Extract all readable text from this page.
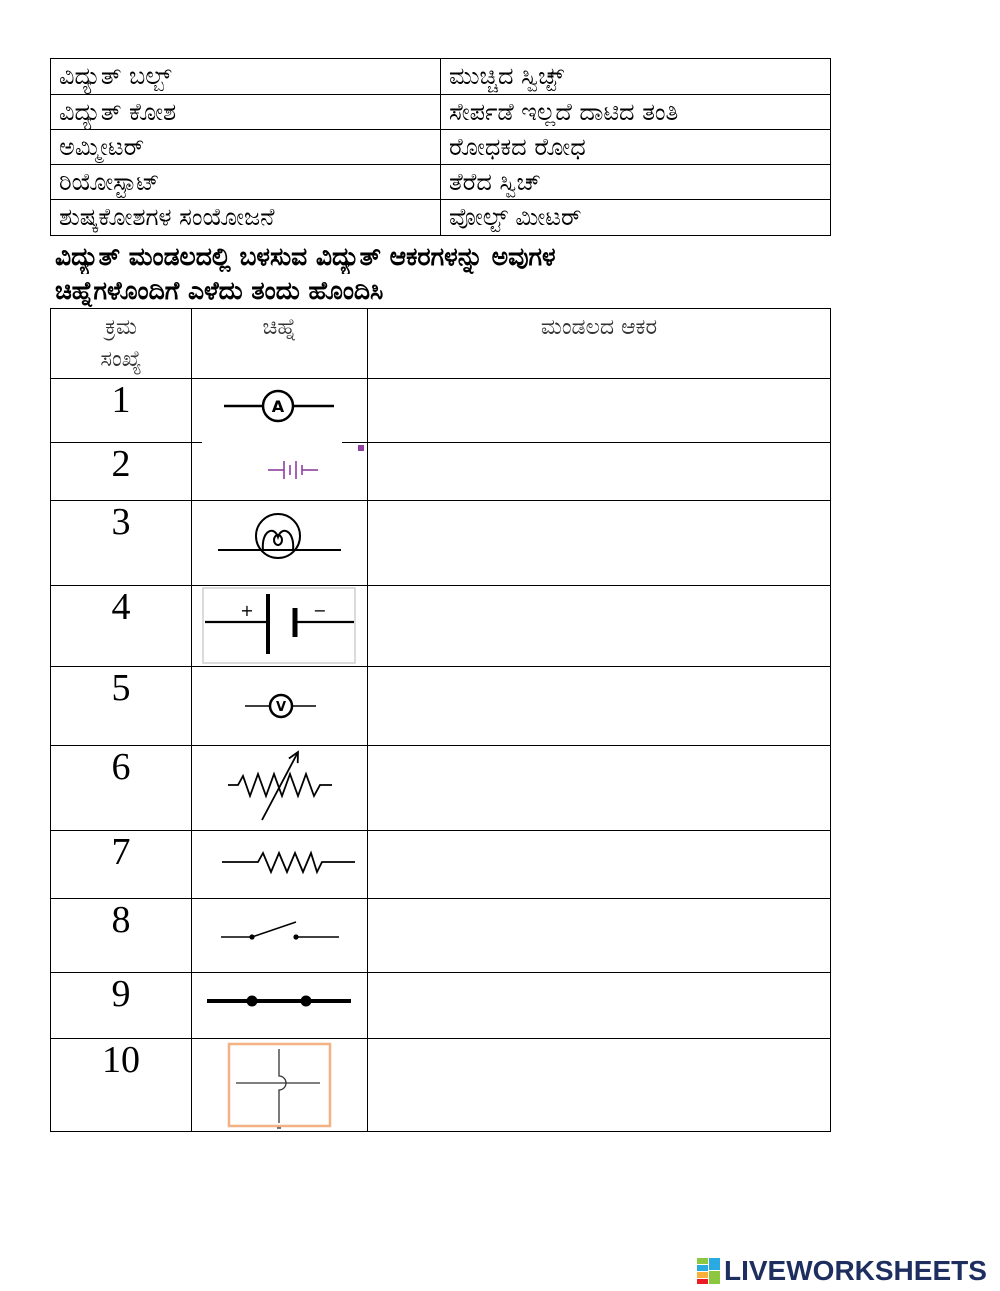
ವಿದ್ಯುತ್ ಬಲ್ಬ್	ಮುಚ್ಚಿದ ಸ್ವಿಚ್ಟ್
ವಿದ್ಯುತ್ ಕೋಶ	ಸೇರ್ಪಡೆ ಇಲ್ಲದೆ ದಾಟಿದ ತಂತಿ
ಅಮ್ಮೀಟರ್	ರೋಧಕದ ರೋಧ
ರಿಯೋಸ್ಟಾಟ್	ತೆರೆದ ಸ್ವಿಚ್
ಶುಷ್ಕಕೋಶಗಳ ಸಂಯೋಜನೆ	ವೋಲ್ಟ್ ಮೀಟರ್
ವಿದ್ಯುತ್ ಮಂಡಲದಲ್ಲಿ ಬಳಸುವ ವಿದ್ಯುತ್ ಆಕರಗಳನ್ನು ಅವುಗಳ
ಚಿಹ್ನೆಗಳೊಂದಿಗೆ ಎಳೆದು ತಂದು ಹೊಂದಿಸಿ
ಕ್ರಮ
ಸಂಖ್ಯೆ
ಚಿಹ್ನೆ	ಮಂಡಲದ ಆಕರ
1	A
2
3
4	+	−
5	V
6
7
8
9
10
LIVEWORKSHEETS
